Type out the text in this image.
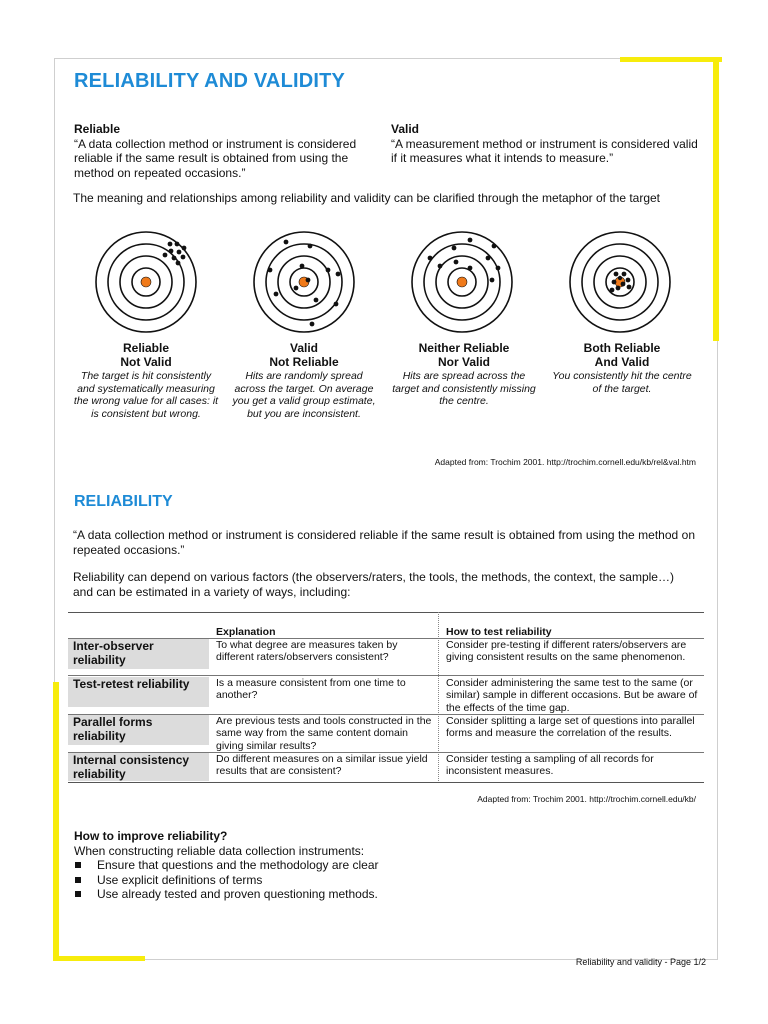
RELIABILITY AND VALIDITY
Reliable
“A data collection method or instrument is considered reliable if the same result is obtained from using the method on repeated occasions.”
Valid
“A measurement method or instrument is considered valid if it measures what it intends to measure.”
The meaning and relationships among reliability and validity can be clarified through the metaphor of the target
Reliable
Not Valid
The target is hit consistently and systematically measuring the wrong value for all cases: it is consistent but wrong.
Valid
Not Reliable
Hits are randomly spread across the target. On average you get a valid group estimate, but you are inconsistent.
Neither Reliable
Nor Valid
Hits are spread across the target and consistently missing the centre.
Both Reliable
And Valid
You consistently hit the centre of the target.
Adapted from: Trochim 2001. http://trochim.cornell.edu/kb/rel&val.htm
RELIABILITY
“A data collection method or instrument is considered reliable if the same result is obtained from using the method on repeated occasions.”
Reliability can depend on various factors (the observers/raters, the tools, the methods, the context, the sample…) and can be estimated in a variety of ways, including:
Explanation	How to test reliability
Inter-observer reliability
To what degree are measures taken by different raters/observers consistent?
Consider pre-testing if different raters/observers are giving consistent results on the same phenomenon.
Test-retest reliability	Is a measure consistent from one time to another?
Consider administering the same test to the same (or similar) sample in different occasions. But be aware of the effects of the time gap.
Parallel forms reliability
Are previous tests and tools constructed in the same way from the same content domain giving similar results?
Consider splitting a large set of questions into parallel forms and measure the correlation of the results.
Internal consistency reliability
Do different measures on a similar issue yield results that are consistent?
Consider testing a sampling of all records for inconsistent measures.
Adapted from: Trochim 2001. http://trochim.cornell.edu/kb/
How to improve reliability?
When constructing reliable data collection instruments:
Ensure that questions and the methodology are clear
Use explicit definitions of terms
Use already tested and proven questioning methods.
Reliability and validity - Page 1/2
